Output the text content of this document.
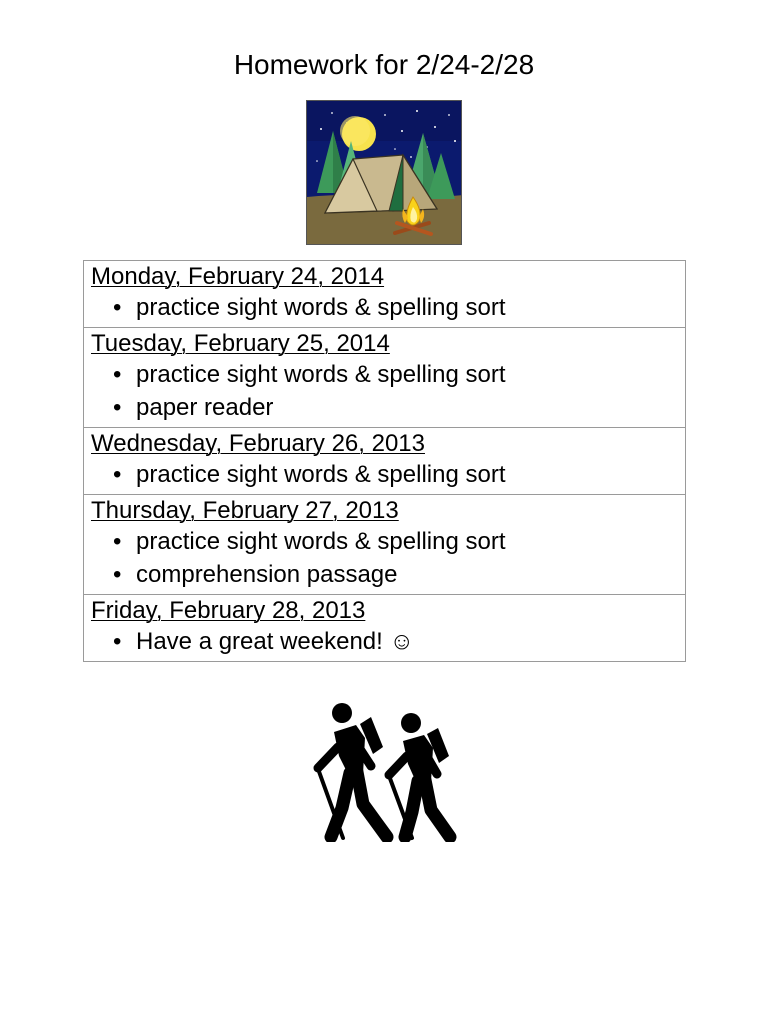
Homework for 2/24-2/28
Monday, February 24, 2014
• practice sight words & spelling sort

Tuesday, February 25, 2014
• practice sight words & spelling sort
• paper reader

Wednesday, February 26, 2013
• practice sight words & spelling sort

Thursday, February 27, 2013
• practice sight words & spelling sort
• comprehension passage

Friday, February 28, 2013
• Have a great weekend! ☺
